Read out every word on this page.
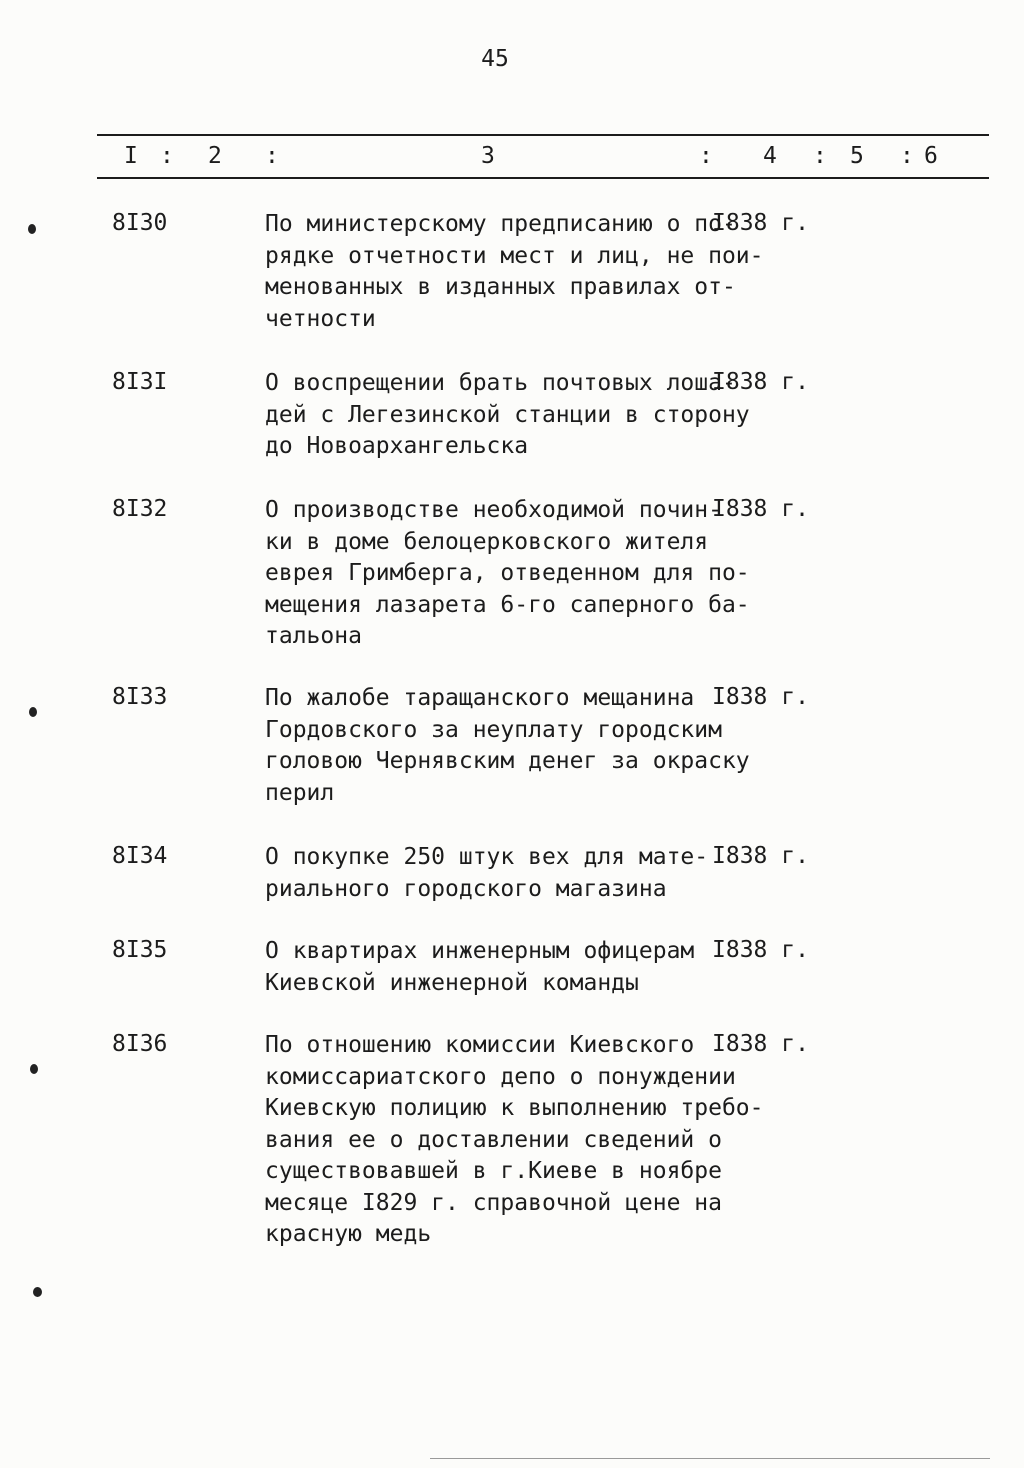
45
I : 2 :	3	: 4 : 5 : 6
8I30	По министерскому предписанию о по-
рядке отчетности мест и лиц, не пои-
менованных в изданных правилах от-
четности
I838 г.
8I3I	О воспрещении брать почтовых лоша-
дей с Легезинской станции в сторону
до Новоархангельска
I838 г.
8I32	О производстве необходимой почин-
ки в доме белоцерковского жителя
еврея Гримберга, отведенном для по-
мещения лазарета 6-го саперного ба-
тальона
I838 г.
8I33	По жалобе таращанского мещанина
Гордовского за неуплату городским
головою Чернявским денег за окраску
перил
I838 г.
8I34	О покупке 250 штук вех для мате-
риального городского магазина
I838 г.
8I35	О квартирах инженерным офицерам
Киевской инженерной команды
I838 г.
8I36	По отношению комиссии Киевского
комиссариатского депо о понуждении
Киевскую полицию к выполнению требо-
вания ее о доставлении сведений о
существовавшей в г.Киеве в ноябре
месяце I829 г. справочной цене на
красную медь
I838 г.
